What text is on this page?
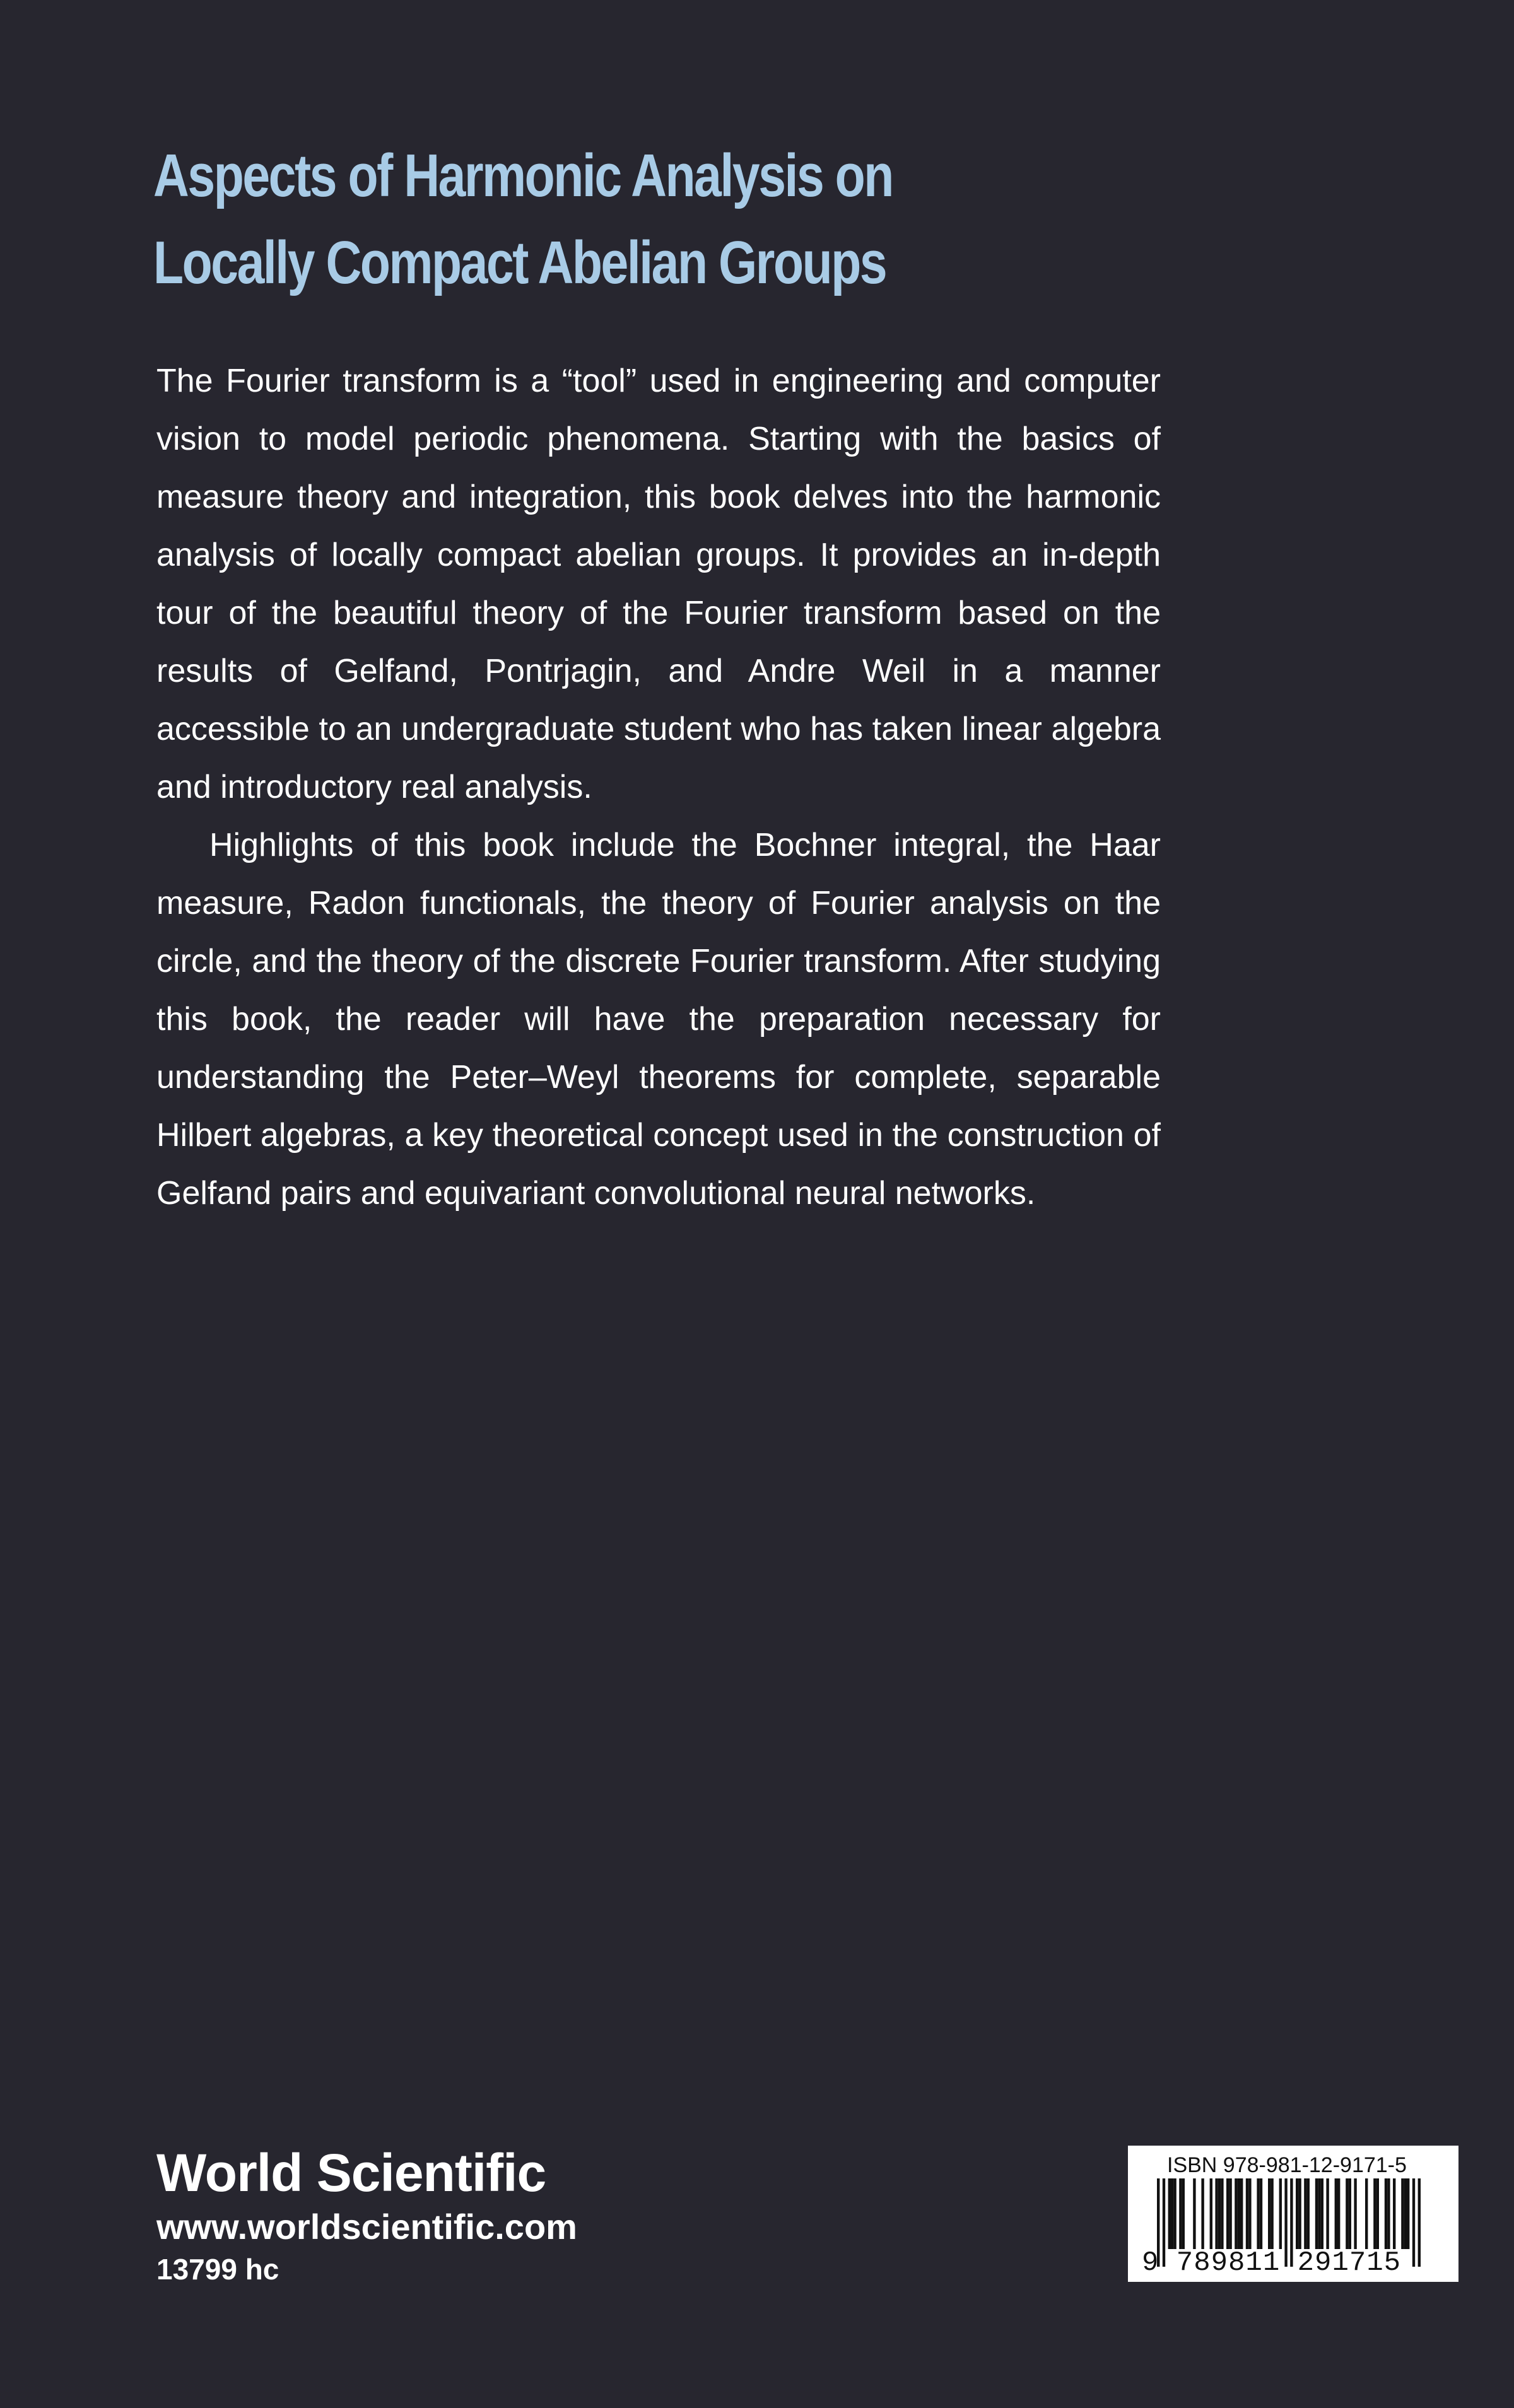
Aspects of Harmonic Analysis on
Locally Compact Abelian Groups

The Fourier transform is a “tool” used in engineering and computer vision to model periodic phenomena. Starting with the basics of measure theory and integration, this book delves into the harmonic analysis of locally compact abelian groups. It provides an in-depth tour of the beautiful theory of the Fourier transform based on the results of Gelfand, Pontrjagin, and Andre Weil in a manner accessible to an undergraduate student who has taken linear algebra and introductory real analysis.

Highlights of this book include the Bochner integral, the Haar measure, Radon functionals, the theory of Fourier analysis on the circle, and the theory of the discrete Fourier transform. After studying this book, the reader will have the preparation necessary for understanding the Peter–Weyl theorems for complete, separable Hilbert algebras, a key theoretical concept used in the construction of Gelfand pairs and equivariant convolutional neural networks.

World Scientific
www.worldscientific.com
13799 hc
ISBN 978-981-12-9171-5
9 789811 291715
